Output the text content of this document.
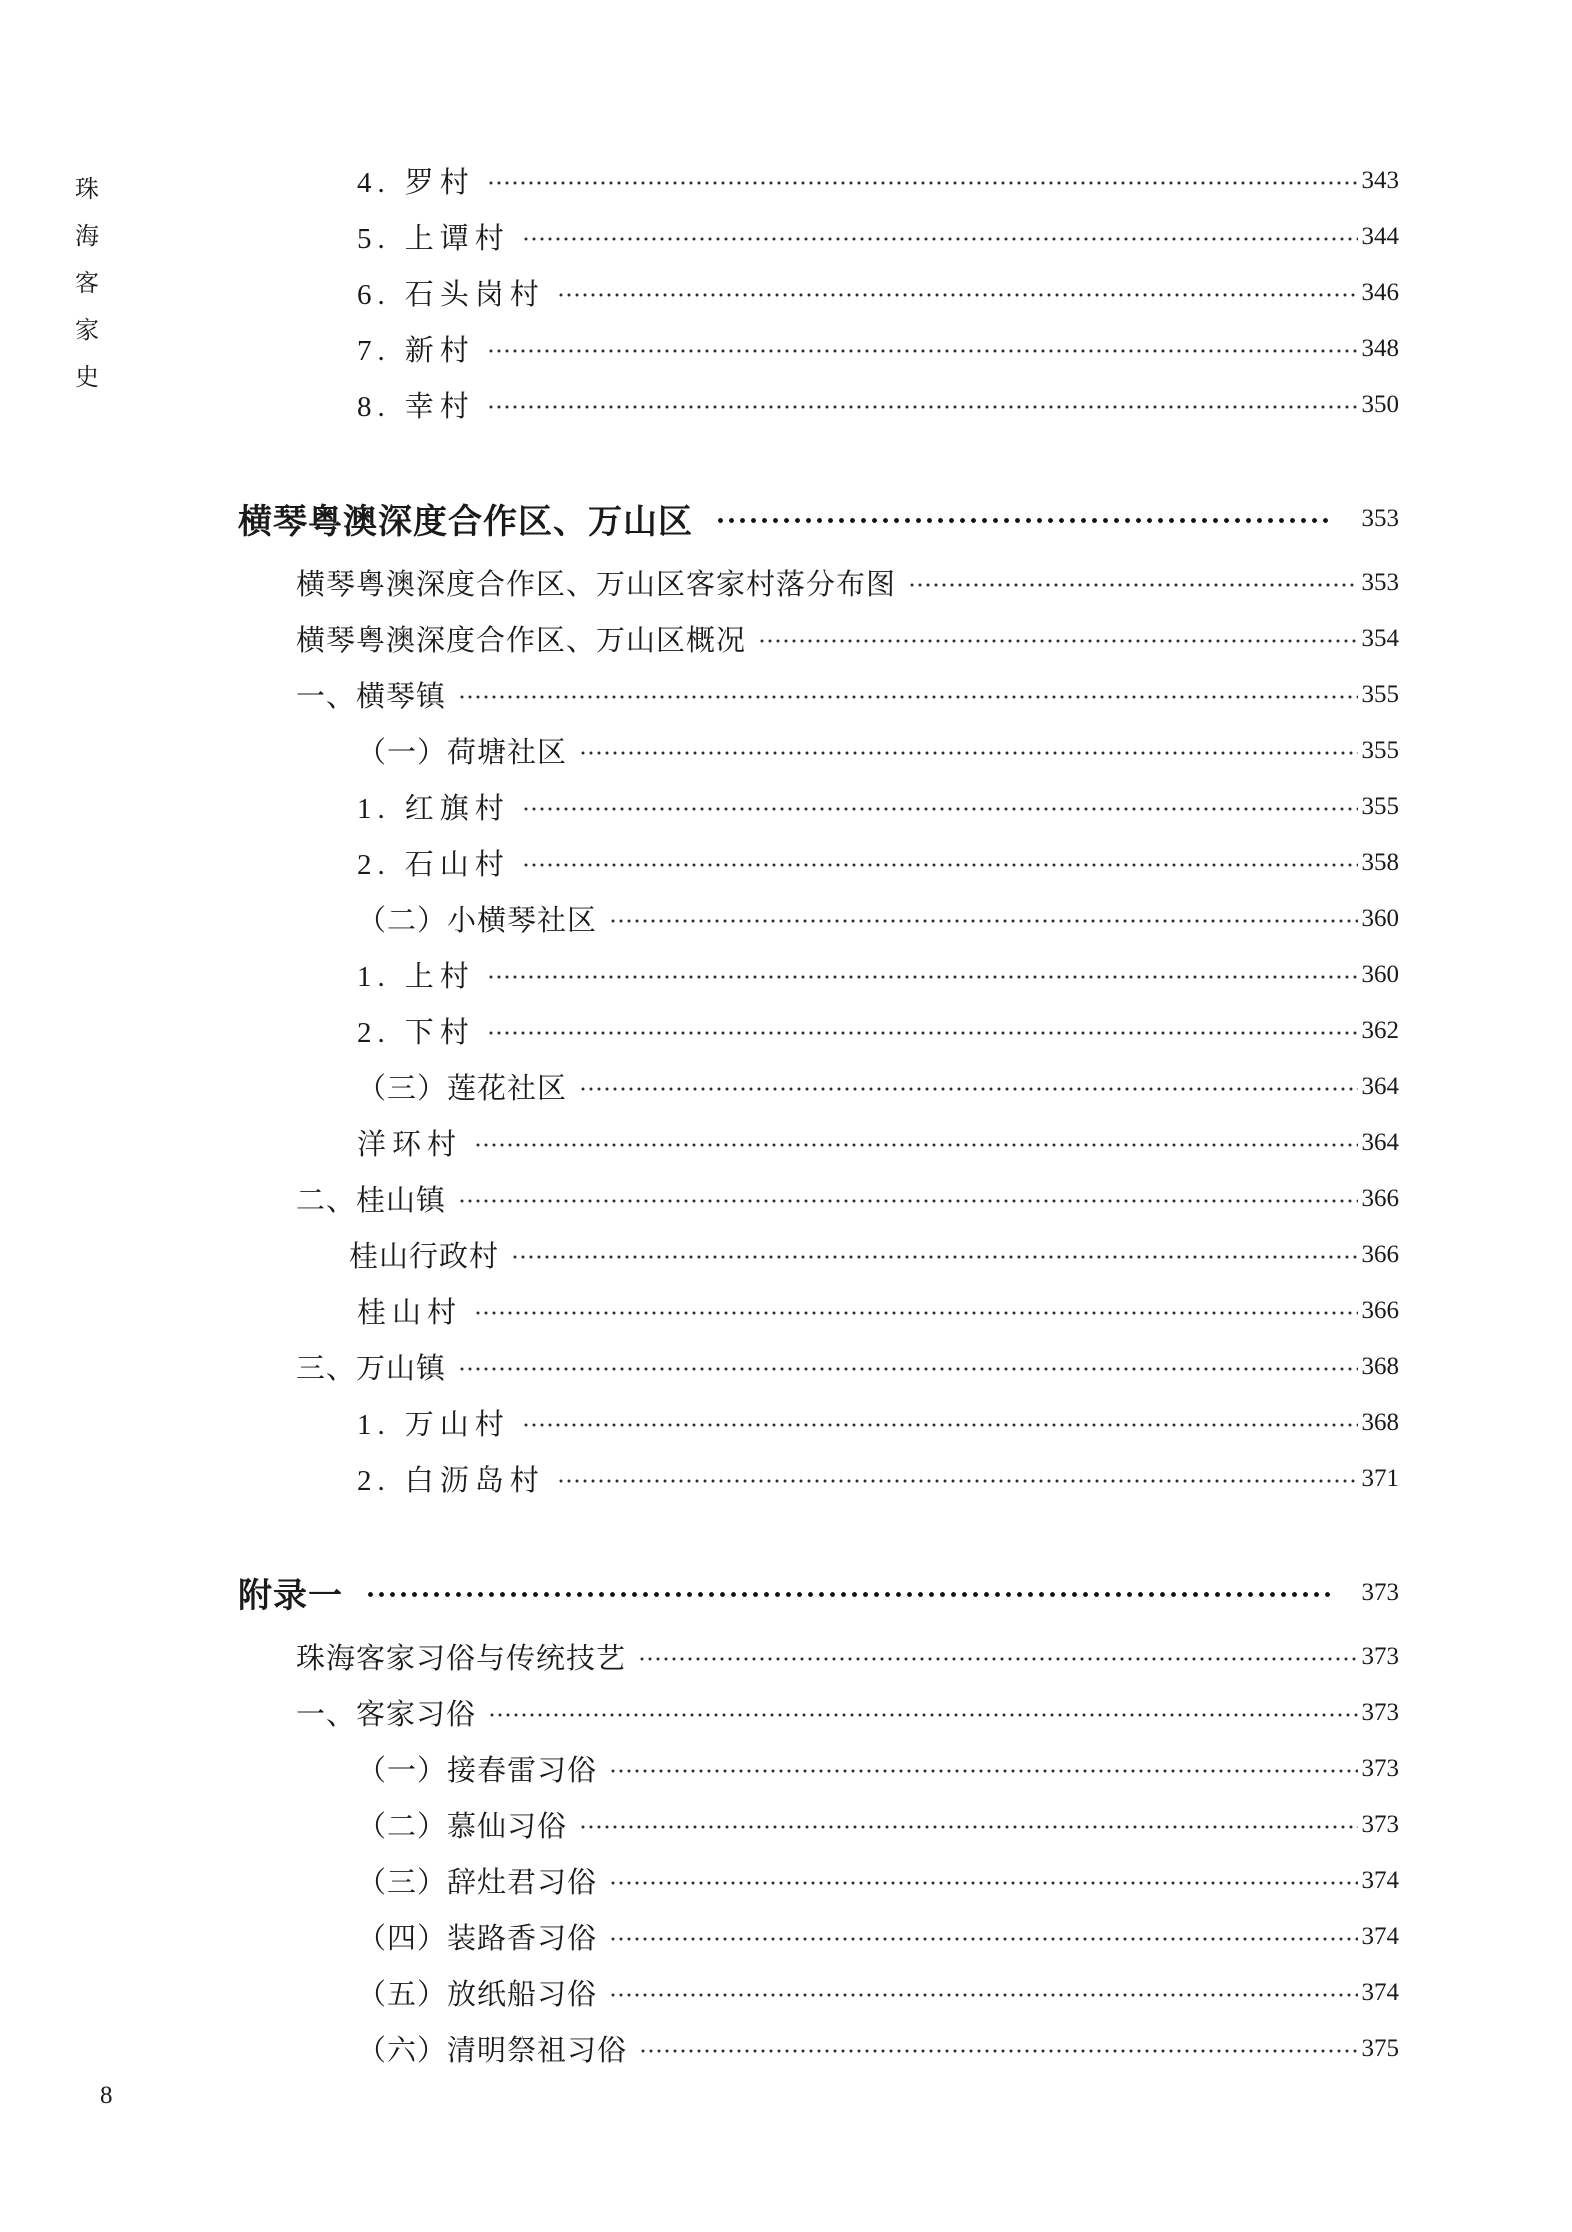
珠
海
客
家
史
4. 罗村	343
5. 上谭村	344
6. 石头岗村	346
7. 新村	348
8. 幸村	350
横琴粤澳深度合作区、万山区	353
横琴粤澳深度合作区、万山区客家村落分布图	353
横琴粤澳深度合作区、万山区概况	354
一、横琴镇	355
（一）荷塘社区	355
1. 红旗村	355
2. 石山村	358
（二）小横琴社区	360
1. 上村	360
2. 下村	362
（三）莲花社区	364
洋环村	364
二、桂山镇	366
桂山行政村	366
桂山村	366
三、万山镇	368
1. 万山村	368
2. 白沥岛村	371
附录一	373
珠海客家习俗与传统技艺	373
一、客家习俗	373
（一）接春雷习俗	373
（二）慕仙习俗	373
（三）辞灶君习俗	374
（四）装路香习俗	374
（五）放纸船习俗	374
（六）清明祭祖习俗	375
8
